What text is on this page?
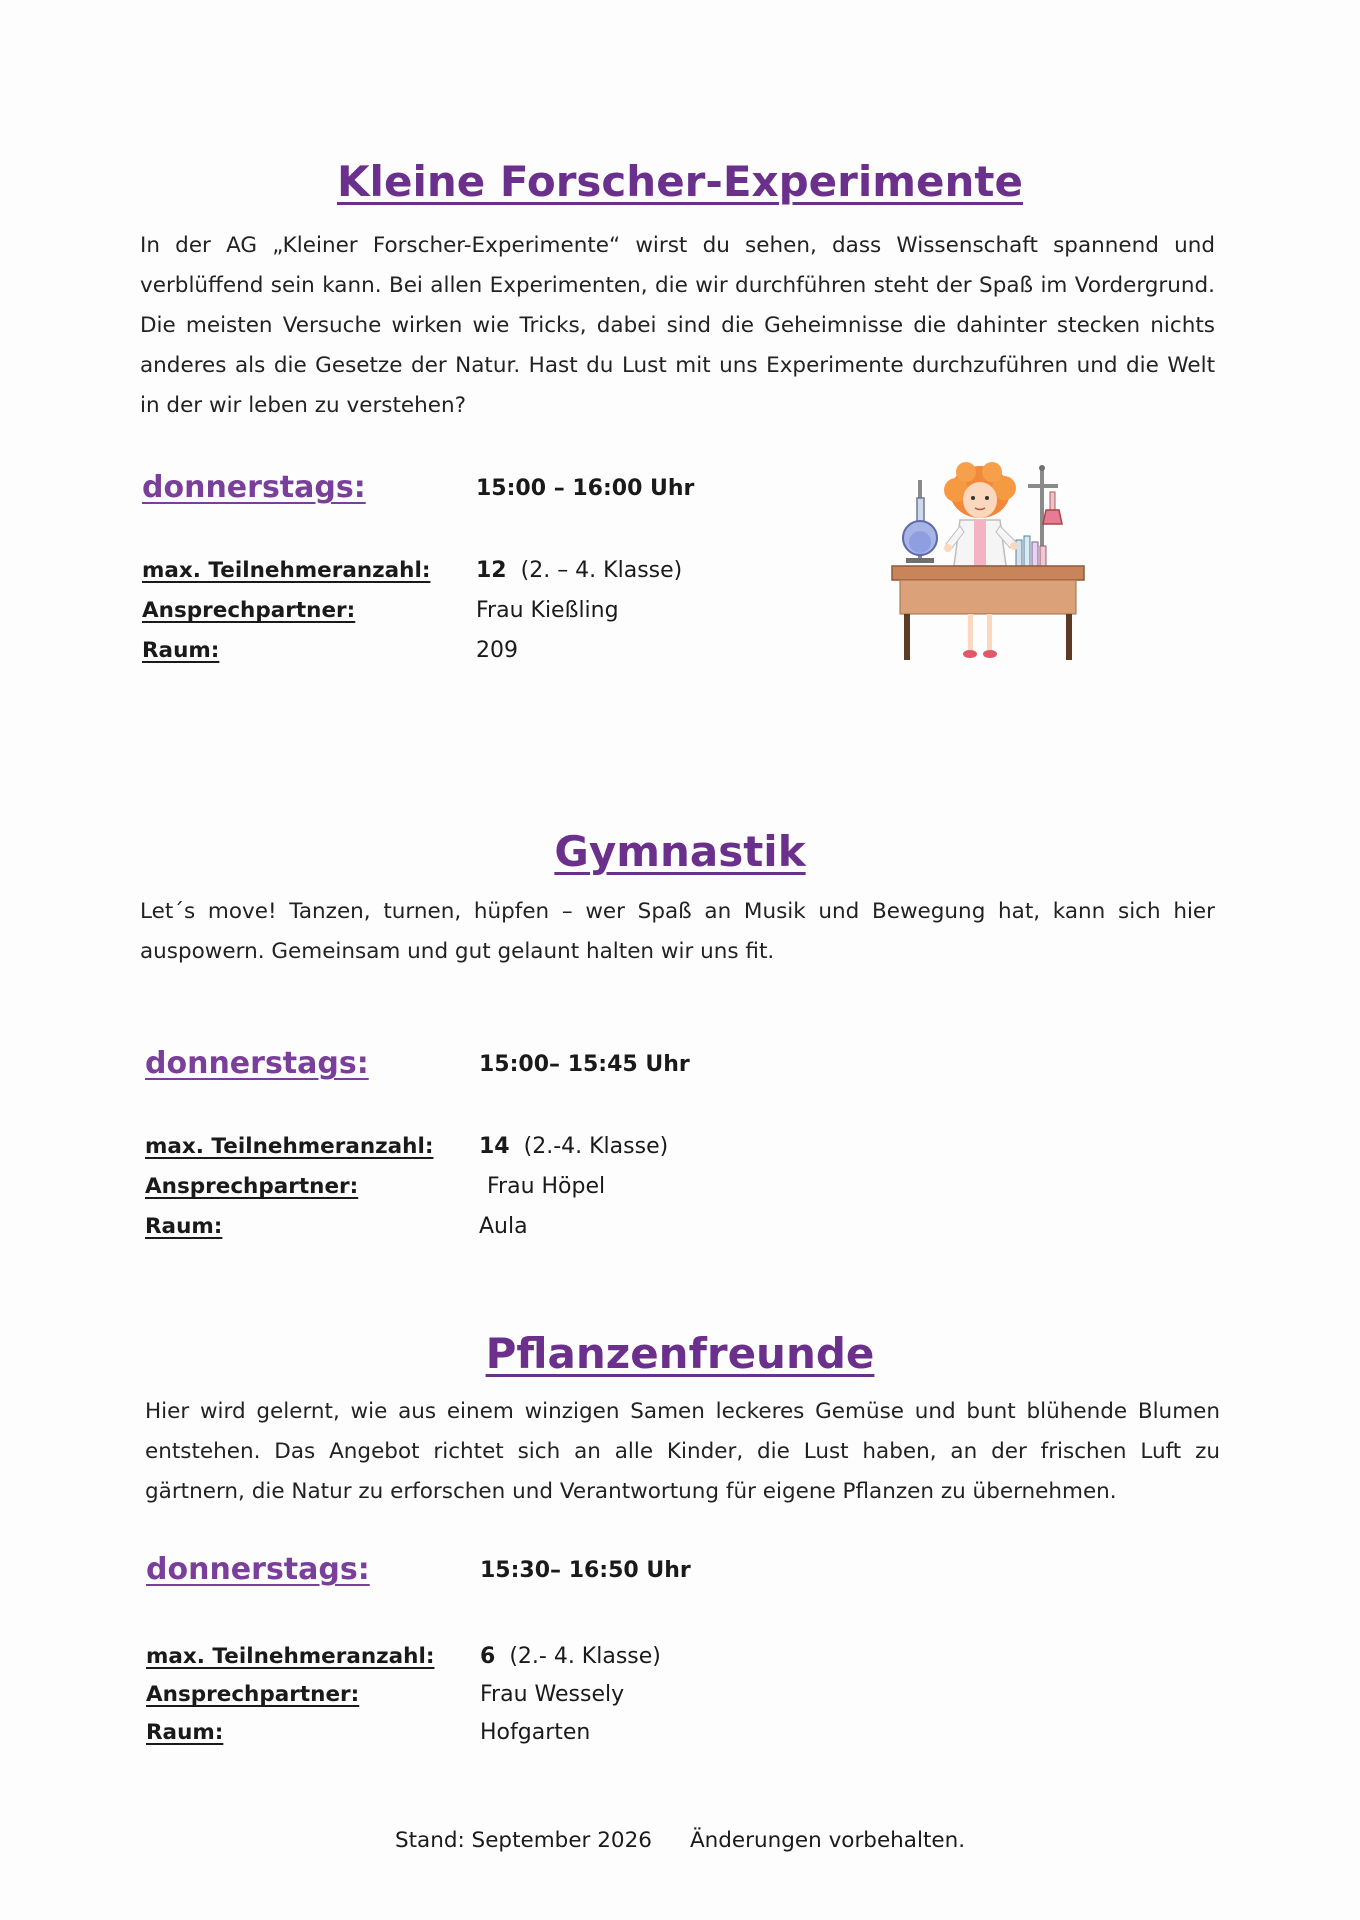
Kleine Forscher-Experimente

In der AG „Kleiner Forscher-Experimente“ wirst du sehen, dass Wissenschaft spannend und verblüffend sein kann. Bei allen Experimenten, die wir durchführen steht der Spaß im Vordergrund. Die meisten Versuche wirken wie Tricks, dabei sind die Geheimnisse die dahinter stecken nichts anderes als die Gesetze der Natur. Hast du Lust mit uns Experimente durchzuführen und die Welt in der wir leben zu verstehen?

donnerstags:	15:00 – 16:00 Uhr
max. Teilnehmeranzahl: 12 (2. – 4. Klasse)
Ansprechpartner:	Frau Kießling
Raum:	209
Gymnastik

Let´s move! Tanzen, turnen, hüpfen – wer Spaß an Musik und Bewegung hat, kann sich hier auspowern. Gemeinsam und gut gelaunt halten wir uns fit.

donnerstags:	15:00– 15:45 Uhr
max. Teilnehmeranzahl: 14 (2.-4. Klasse)
Ansprechpartner:	Frau Höpel
Raum:	Aula
Pflanzenfreunde

Hier wird gelernt, wie aus einem winzigen Samen leckeres Gemüse und bunt blühende Blumen entstehen. Das Angebot richtet sich an alle Kinder, die Lust haben, an der frischen Luft zu gärtnern, die Natur zu erforschen und Verantwortung für eigene Pflanzen zu übernehmen.

donnerstags:	15:30– 16:50 Uhr
max. Teilnehmeranzahl: 6 (2.- 4. Klasse)
Ansprechpartner:	Frau Wessely
Raum:	Hofgarten
Stand: September 2026 Änderungen vorbehalten.
